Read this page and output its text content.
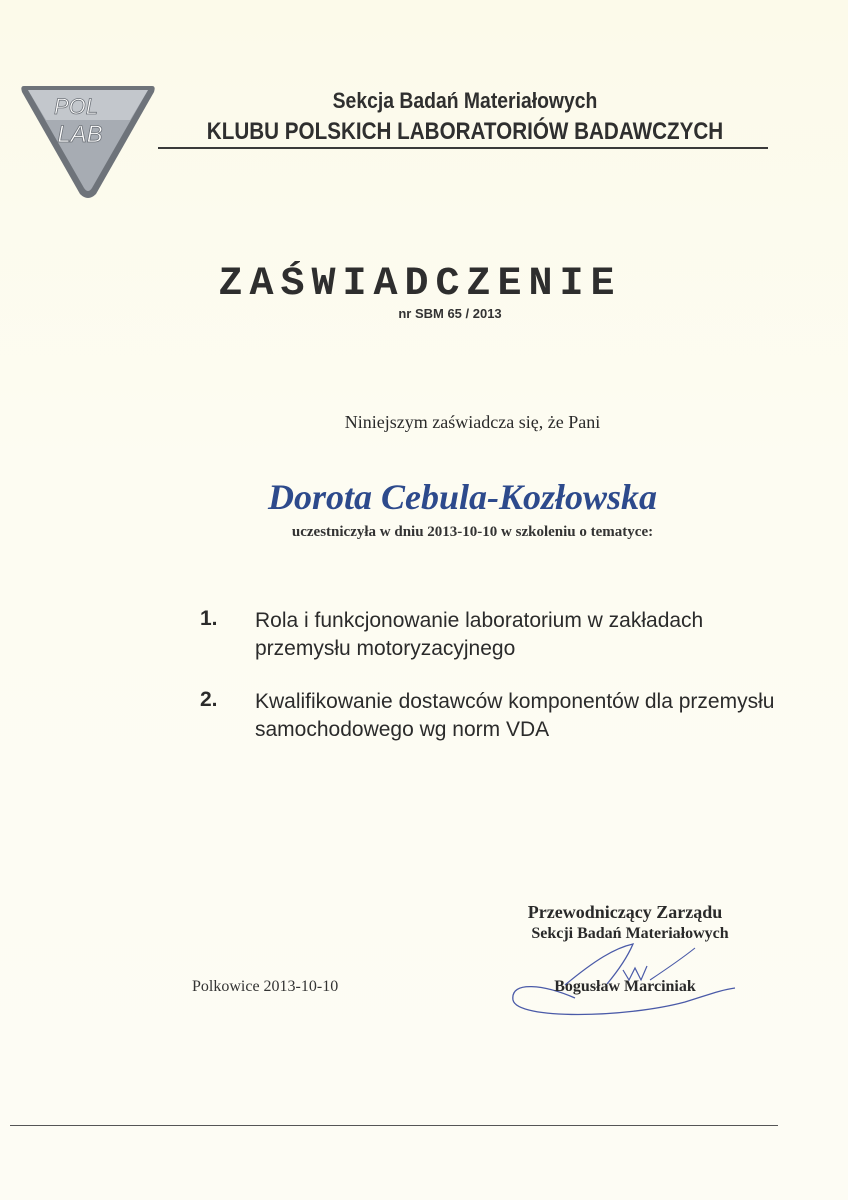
POL
LAB
Sekcja Badań Materiałowych
KLUBU POLSKICH LABORATORIÓW BADAWCZYCH
ZAŚWIADCZENIE
nr SBM 65 / 2013
Niniejszym zaświadcza się, że Pani
Dorota Cebula-Kozłowska
uczestniczyła w dniu 2013-10-10 w szkoleniu o tematyce:
1. Rola i funkcjonowanie laboratorium w zakładach przemysłu motoryzacyjnego
2. Kwalifikowanie dostawców komponentów dla przemysłu samochodowego wg norm VDA
Polkowice 2013-10-10
Przewodniczący Zarządu
Sekcji Badań Materiałowych
Bogusław Marciniak
